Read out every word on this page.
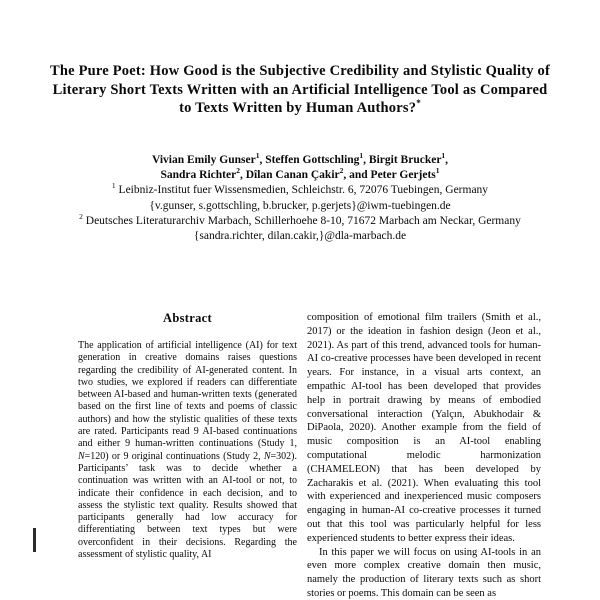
The Pure Poet: How Good is the Subjective Credibility and Stylistic Quality of Literary Short Texts Written with an Artificial Intelligence Tool as Compared to Texts Written by Human Authors?*
Vivian Emily Gunser$^1$, Steffen Gottschling$^1$, Birgit Brucker$^1$,
Sandra Richter$^2$, Dîlan Canan Çakir$^2$, and Peter Gerjets$^1$
$^1$ Leibniz-Institut fuer Wissensmedien, Schleichstr. 6, 72076 Tuebingen, Germany
{v.gunser, s.gottschling, b.brucker, p.gerjets}@iwm-tuebingen.de
$^2$ Deutsches Literaturarchiv Marbach, Schillerhoehe 8-10, 71672 Marbach am Neckar, Germany
{sandra.richter, dilan.cakir,}@dla-marbach.de
Abstract

The application of artificial intelligence (AI) for text generation in creative domains raises questions regarding the credibility of AI-generated content. In two studies, we explored if readers can differentiate between AI-based and human-written texts (generated based on the first line of texts and poems of classic authors) and how the stylistic qualities of these texts are rated. Participants read 9 AI-based continuations and either 9 human-written continuations (Study 1, N=120) or 9 original continuations (Study 2, N=302). Participants’ task was to decide whether a continuation was written with an AI-tool or not, to indicate their confidence in each decision, and to assess the stylistic text quality. Results showed that participants generally had low accuracy for differentiating between text types but were overconfident in their decisions. Regarding the assessment of stylistic quality, AI

composition of emotional film trailers (Smith et al., 2017) or the ideation in fashion design (Jeon et al., 2021). As part of this trend, advanced tools for human-AI co-creative processes have been developed in recent years. For instance, in a visual arts context, an empathic AI-tool has been developed that provides help in portrait drawing by means of embodied conversational interaction (Yalçın, Abukhodair & DiPaola, 2020). Another example from the field of music composition is an AI-tool enabling computational melodic harmonization (CHAMELEON) that has been developed by Zacharakis et al. (2021). When evaluating this tool with experienced and inexperienced music composers engaging in human-AI co-creative processes it turned out that this tool was particularly helpful for less experienced students to better express their ideas.

In this paper we will focus on using AI-tools in an even more complex creative domain then music, namely the production of literary texts such as short stories or poems. This domain can be seen as
